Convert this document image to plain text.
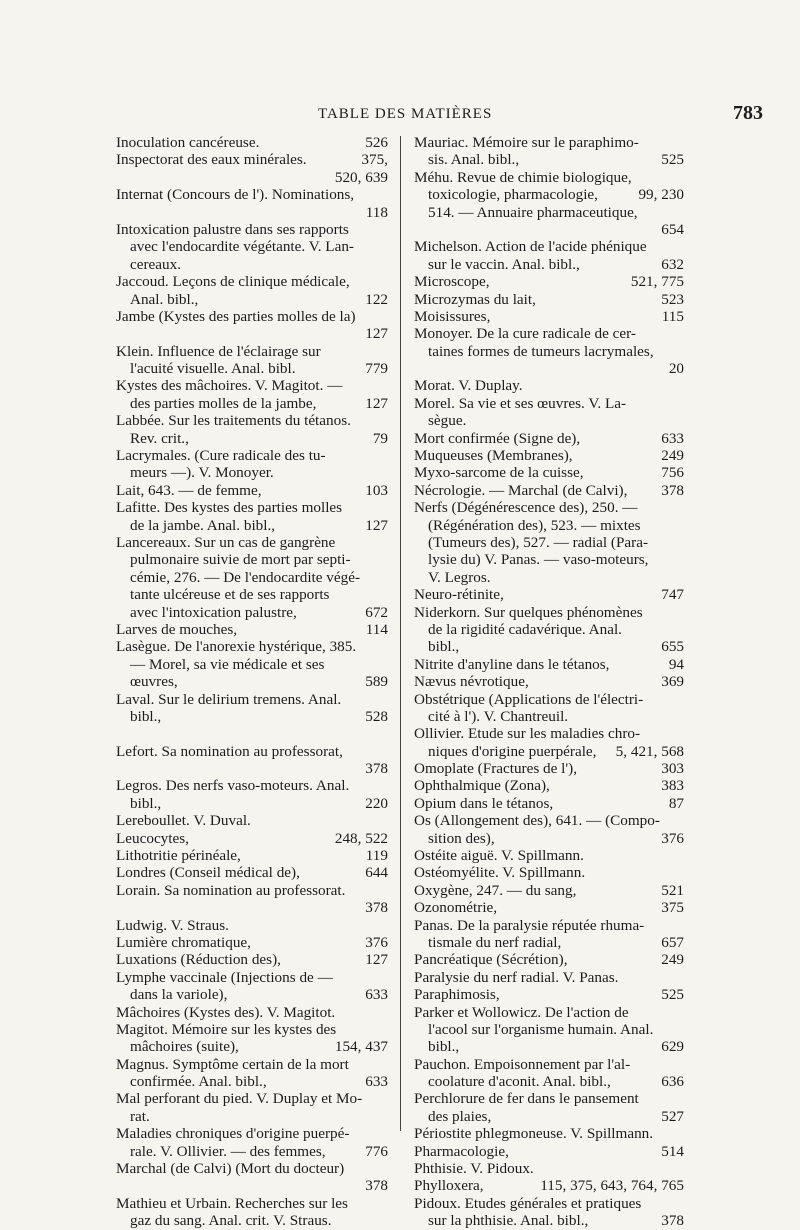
TABLE DES MATIÈRES	783
Inoculation cancéreuse.	526
Inspectorat des eaux minérales.	375,
520, 639
Internat (Concours de l'). Nominations,
118
Intoxication palustre dans ses rapports
avec l'endocardite végétante. V. Lan-
cereaux.
Jaccoud. Leçons de clinique médicale,
Anal. bibl.,	122
Jambe (Kystes des parties molles de la)
127
Klein. Influence de l'éclairage sur
l'acuité visuelle. Anal. bibl.	779
Kystes des mâchoires. V. Magitot. —
des parties molles de la jambe,	127
Labbée. Sur les traitements du tétanos.
Rev. crit.,	79
Lacrymales. (Cure radicale des tu-
meurs —). V. Monoyer.
Lait, 643. — de femme,	103
Lafitte. Des kystes des parties molles
de la jambe. Anal. bibl.,	127
Lancereaux. Sur un cas de gangrène
pulmonaire suivie de mort par septi-
cémie, 276. — De l'endocardite végé-
tante ulcéreuse et de ses rapports
avec l'intoxication palustre,	672
Larves de mouches,	114
Lasègue. De l'anorexie hystérique, 385.
— Morel, sa vie médicale et ses
œuvres,	589
Laval. Sur le delirium tremens. Anal.
bibl.,	528
Lefort. Sa nomination au professorat,
378
Legros. Des nerfs vaso-moteurs. Anal.
bibl.,	220
Lereboullet. V. Duval.
Leucocytes,	248, 522
Lithotritie périnéale,	119
Londres (Conseil médical de),	644
Lorain. Sa nomination au professorat.
378
Ludwig. V. Straus.
Lumière chromatique,	376
Luxations (Réduction des),	127
Lymphe vaccinale (Injections de —
dans la variole),	633
Mâchoires (Kystes des). V. Magitot.
Magitot. Mémoire sur les kystes des
mâchoires (suite),	154, 437
Magnus. Symptôme certain de la mort
confirmée. Anal. bibl.,	633
Mal perforant du pied. V. Duplay et Mo-
rat.
Maladies chroniques d'origine puerpé-
rale. V. Ollivier. — des femmes,	776
Marchal (de Calvi) (Mort du docteur)
378
Mathieu et Urbain. Recherches sur les
gaz du sang. Anal. crit. V. Straus.
Mauriac. Mémoire sur le paraphimo-
sis. Anal. bibl.,	525
Méhu. Revue de chimie biologique,
toxicologie, pharmacologie,	99, 230
514. — Annuaire pharmaceutique,
654
Michelson. Action de l'acide phénique
sur le vaccin. Anal. bibl.,	632
Microscope,	521, 775
Microzymas du lait,	523
Moisissures,	115
Monoyer. De la cure radicale de cer-
taines formes de tumeurs lacrymales,
20
Morat. V. Duplay.
Morel. Sa vie et ses œuvres. V. La-
sègue.
Mort confirmée (Signe de),	633
Muqueuses (Membranes),	249
Myxo-sarcome de la cuisse,	756
Nécrologie. — Marchal (de Calvi),	378
Nerfs (Dégénérescence des), 250. —
(Régénération des), 523. — mixtes
(Tumeurs des), 527. — radial (Para-
lysie du) V. Panas. — vaso-moteurs,
V. Legros.
Neuro-rétinite,	747
Niderkorn. Sur quelques phénomènes
de la rigidité cadavérique. Anal.
bibl.,	655
Nitrite d'anyline dans le tétanos,	94
Nævus névrotique,	369
Obstétrique (Applications de l'électri-
cité à l'). V. Chantreuil.
Ollivier. Etude sur les maladies chro-
niques d'origine puerpérale,	5, 421, 568
Omoplate (Fractures de l'),	303
Ophthalmique (Zona),	383
Opium dans le tétanos,	87
Os (Allongement des), 641. — (Compo-
sition des),	376
Ostéite aiguë. V. Spillmann.
Ostéomyélite. V. Spillmann.
Oxygène, 247. — du sang,	521
Ozonométrie,	375
Panas. De la paralysie réputée rhuma-
tismale du nerf radial,	657
Pancréatique (Sécrétion),	249
Paralysie du nerf radial. V. Panas.
Paraphimosis,	525
Parker et Wollowicz. De l'action de
l'acool sur l'organisme humain. Anal.
bibl.,	629
Pauchon. Empoisonnement par l'al-
coolature d'aconit. Anal. bibl.,	636
Perchlorure de fer dans le pansement
des plaies,	527
Périostite phlegmoneuse. V. Spillmann.
Pharmacologie,	514
Phthisie. V. Pidoux.
Phylloxera,	115, 375, 643, 764, 765
Pidoux. Etudes générales et pratiques
sur la phthisie. Anal. bibl.,	378
